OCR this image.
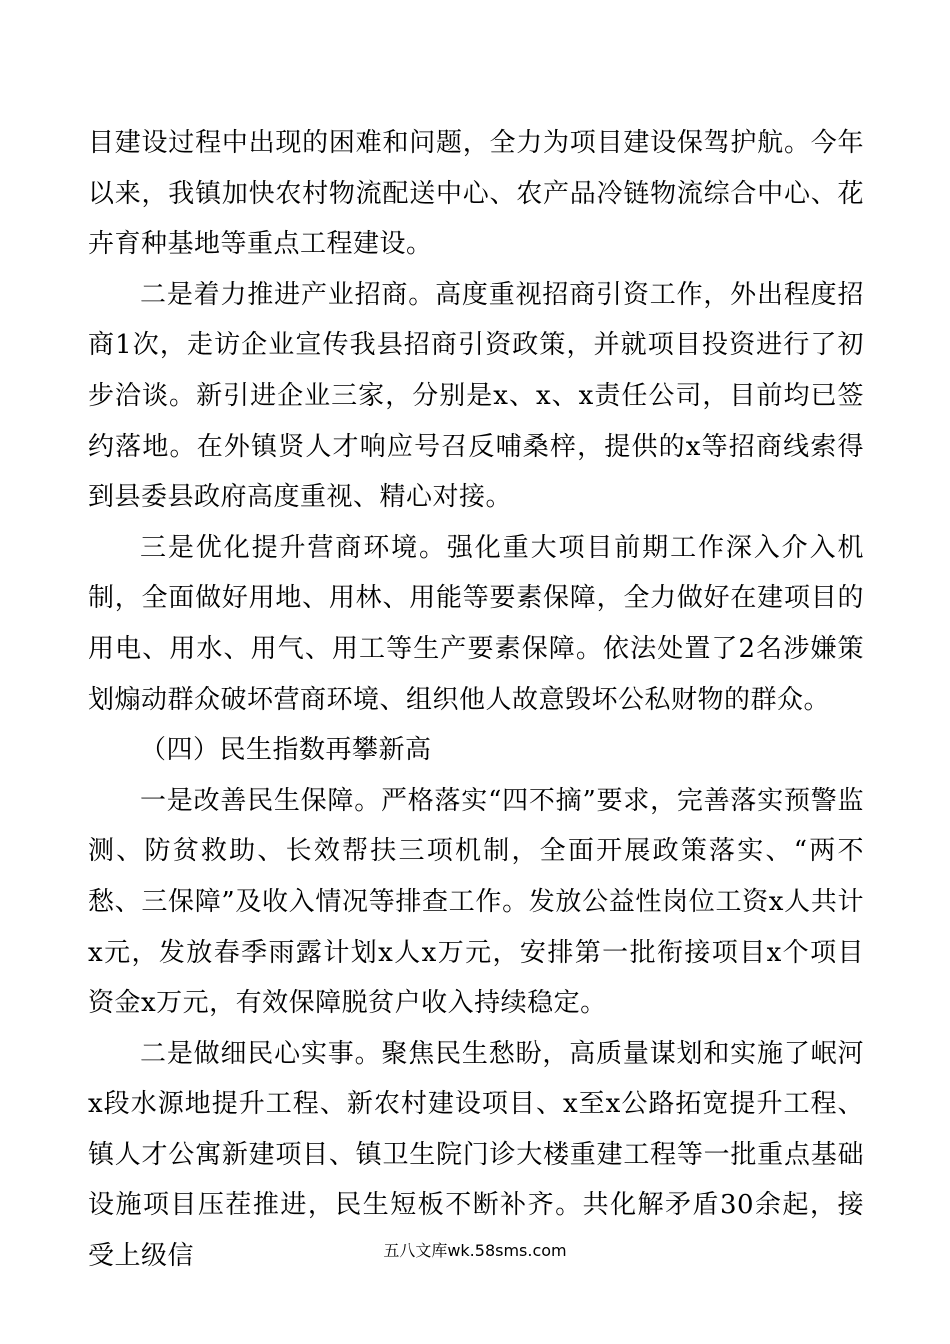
目建设过程中出现的困难和问题，全力为项目建设保驾护航。今年以来，我镇加快农村物流配送中心、农产品冷链物流综合中心、花卉育种基地等重点工程建设。

二是着力推进产业招商。高度重视招商引资工作，外出程度招商1次，走访企业宣传我县招商引资政策，并就项目投资进行了初步洽谈。新引进企业三家，分别是x、x、x责任公司，目前均已签约落地。在外镇贤人才响应号召反哺桑梓，提供的x等招商线索得到县委县政府高度重视、精心对接。

三是优化提升营商环境。强化重大项目前期工作深入介入机制，全面做好用地、用林、用能等要素保障，全力做好在建项目的用电、用水、用气、用工等生产要素保障。依法处置了2名涉嫌策划煽动群众破坏营商环境、组织他人故意毁坏公私财物的群众。

（四）民生指数再攀新高

一是改善民生保障。严格落实“四不摘”要求，完善落实预警监测、防贫救助、长效帮扶三项机制，全面开展政策落实、“两不愁、三保障”及收入情况等排查工作。发放公益性岗位工资x人共计x元，发放春季雨露计划x人x万元，安排第一批衔接项目x个项目资金x万元，有效保障脱贫户收入持续稳定。

二是做细民心实事。聚焦民生愁盼，高质量谋划和实施了岷河x段水源地提升工程、新农村建设项目、x至x公路拓宽提升工程、镇人才公寓新建项目、镇卫生院门诊大楼重建工程等一批重点基础设施项目压茬推进，民生短板不断补齐。共化解矛盾30余起，接受上级信	五八文库wk.58sms.com
